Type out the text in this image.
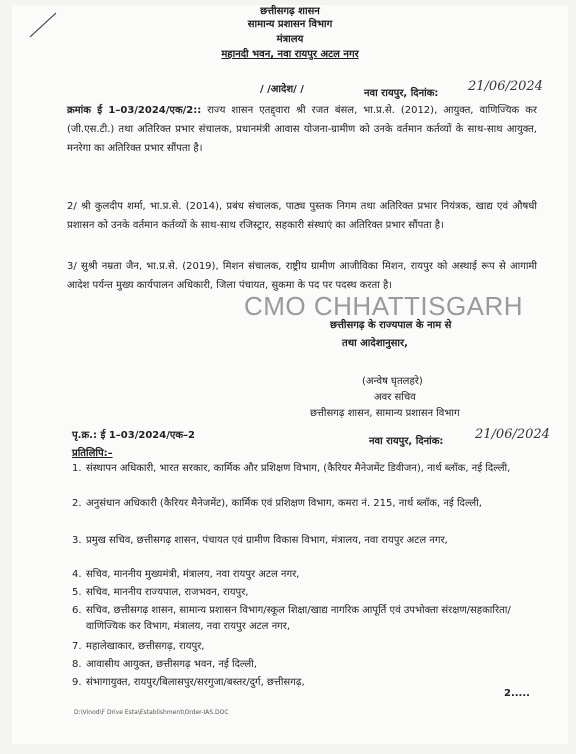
छत्तीसगढ़ शासन
सामान्य प्रशासन विभाग
मंत्रालय
महानदी भवन, नवा रायपुर अटल नगर
/ /आदेश/ /	नवा रायपुर, दिनांक: 21/06/2024
क्रमांक ई 1–03/2024/एक/2:: राज्य शासन एतद्द्वारा श्री रजत बंसल, भा.प्र.से. (2012), आयुक्त, वाणिज्यिक कर (जी.एस.टी.) तथा अतिरिक्त प्रभार संचालक, प्रधानमंत्री आवास योजना-ग्रामीण को उनके वर्तमान कर्तव्यों के साथ-साथ आयुक्त, मनरेगा का अतिरिक्त प्रभार सौंपता है।
2/ श्री कुलदीप शर्मा, भा.प्र.से. (2014), प्रबंध संचालक, पाठ्य पुस्तक निगम तथा अतिरिक्त प्रभार नियंत्रक, खाद्य एवं औषधी प्रशासन को उनके वर्तमान कर्तव्यों के साथ-साथ रजिस्ट्रार, सहकारी संस्थाएं का अतिरिक्त प्रभार सौंपता है।
3/ सुश्री नम्रता जैन, भा.प्र.से. (2019), मिशन संचालक, राष्ट्रीय ग्रामीण आजीविका मिशन, रायपुर को अस्थाई रूप से आगामी आदेश पर्यन्त मुख्य कार्यपालन अधिकारी, जिला पंचायत, सुकमा के पद पर पदस्थ करता है।
CMO CHHATTISGARH
छत्तीसगढ़ के राज्यपाल के नाम से
तथा आदेशानुसार,
(अन्वेष घृतलहरे)
अवर सचिव
छत्तीसगढ़ शासन, सामान्य प्रशासन विभाग
पृ.क्र.: ई 1–03/2024/एक–2
नवा रायपुर, दिनांक: 21/06/2024
प्रतिलिपि:–
1. संस्थापन अधिकारी, भारत सरकार, कार्मिक और प्रशिक्षण विभाग, (कैरियर मैनेजमेंट डिवीजन), नार्थ ब्लॉक, नई दिल्ली,
2. अनुसंधान अधिकारी (कैरियर मैनेजमेंट), कार्मिक एवं प्रशिक्षण विभाग, कमरा नं. 215, नार्थ ब्लॉक, नई दिल्ली,
3. प्रमुख सचिव, छत्तीसगढ़ शासन, पंचायत एवं ग्रामीण विकास विभाग, मंत्रालय, नवा रायपुर अटल नगर,
4. सचिव, माननीय मुख्यमंत्री, मंत्रालय, नवा रायपुर अटल नगर,
5. सचिव, माननीय राज्यपाल, राजभवन, रायपुर,
6. सचिव, छत्तीसगढ़ शासन, सामान्य प्रशासन विभाग/स्कूल शिक्षा/खाद्य नागरिक आपूर्ति एवं उपभोक्ता संरक्षण/सहकारिता/वाणिज्यिक कर विभाग, मंत्रालय, नवा रायपुर अटल नगर,
7. महालेखाकार, छत्तीसगढ़, रायपुर,
8. आवासीय आयुक्त, छत्तीसगढ़ भवन, नई दिल्ली,
9. संभागायुक्त, रायपुर/बिलासपुर/सरगुजा/बस्तर/दुर्ग, छत्तीसगढ़,
2.....
D:\Vinod\F Drive Esta\Establishment\Order-IAS.DOC
